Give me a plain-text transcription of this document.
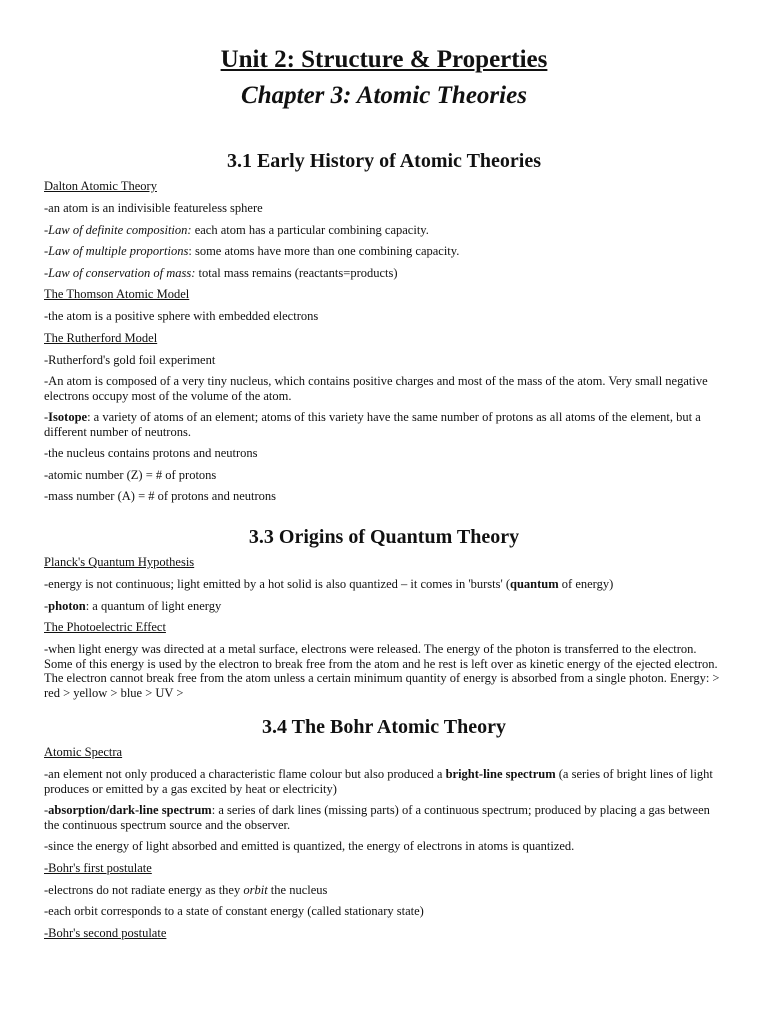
Unit 2: Structure & Properties
Chapter 3: Atomic Theories
3.1 Early History of Atomic Theories
Dalton Atomic Theory
-an atom is an indivisible featureless sphere
-Law of definite composition: each atom has a particular combining capacity.
-Law of multiple proportions: some atoms have more than one combining capacity.
-Law of conservation of mass: total mass remains (reactants=products)
The Thomson Atomic Model
-the atom is a positive sphere with embedded electrons
The Rutherford Model
-Rutherford's gold foil experiment
-An atom is composed of a very tiny nucleus, which contains positive charges and most of the mass of the atom. Very small negative electrons occupy most of the volume of the atom.
-Isotope: a variety of atoms of an element; atoms of this variety have the same number of protons as all atoms of the element, but a different number of neutrons.
-the nucleus contains protons and neutrons
-atomic number (Z) = # of protons
-mass number (A) = # of protons and neutrons
3.3 Origins of Quantum Theory
Planck's Quantum Hypothesis
-energy is not continuous; light emitted by a hot solid is also quantized – it comes in 'bursts' (quantum of energy)
-photon: a quantum of light energy
The Photoelectric Effect
-when light energy was directed at a metal surface, electrons were released. The energy of the photon is transferred to the electron. Some of this energy is used by the electron to break free from the atom and he rest is left over as kinetic energy of the ejected electron. The electron cannot break free from the atom unless a certain minimum quantity of energy is absorbed from a single photon. Energy: > red > yellow > blue > UV >
3.4 The Bohr Atomic Theory
Atomic Spectra
-an element not only produced a characteristic flame colour but also produced a bright-line spectrum (a series of bright lines of light produces or emitted by a gas excited by heat or electricity)
-absorption/dark-line spectrum: a series of dark lines (missing parts) of a continuous spectrum; produced by placing a gas between the continuous spectrum source and the observer.
-since the energy of light absorbed and emitted is quantized, the energy of electrons in atoms is quantized.
-Bohr's first postulate
-electrons do not radiate energy as they orbit the nucleus
-each orbit corresponds to a state of constant energy (called stationary state)
-Bohr's second postulate
